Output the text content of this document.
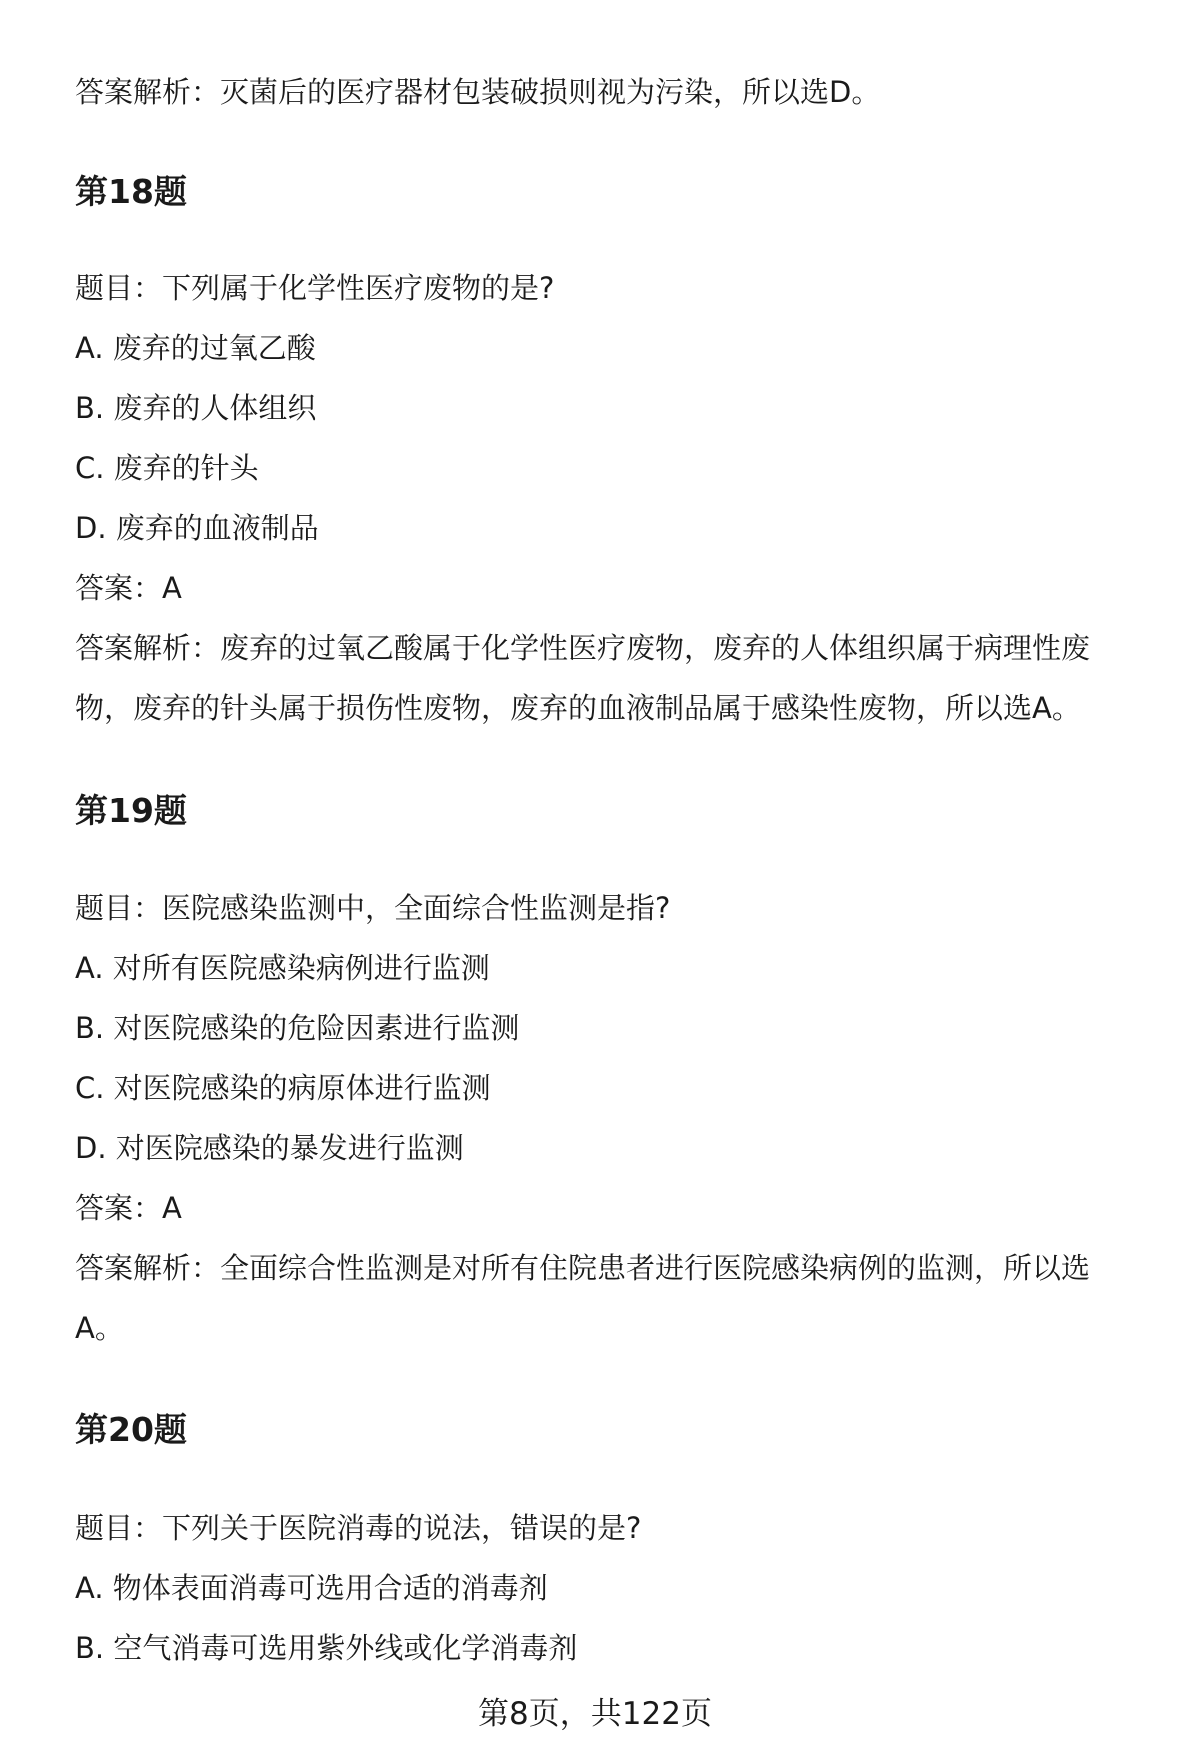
答案解析：灭菌后的医疗器材包装破损则视为污染，所以选D。
第18题
题目：下列属于化学性医疗废物的是?
A. 废弃的过氧乙酸
B. 废弃的人体组织
C. 废弃的针头
D. 废弃的血液制品
答案：A
答案解析：废弃的过氧乙酸属于化学性医疗废物，废弃的人体组织属于病理性废
物，废弃的针头属于损伤性废物，废弃的血液制品属于感染性废物，所以选A。
第19题
题目：医院感染监测中，全面综合性监测是指?
A. 对所有医院感染病例进行监测
B. 对医院感染的危险因素进行监测
C. 对医院感染的病原体进行监测
D. 对医院感染的暴发进行监测
答案：A
答案解析：全面综合性监测是对所有住院患者进行医院感染病例的监测，所以选
A。
第20题
题目：下列关于医院消毒的说法，错误的是?
A. 物体表面消毒可选用合适的消毒剂
B. 空气消毒可选用紫外线或化学消毒剂
第8页，共122页
